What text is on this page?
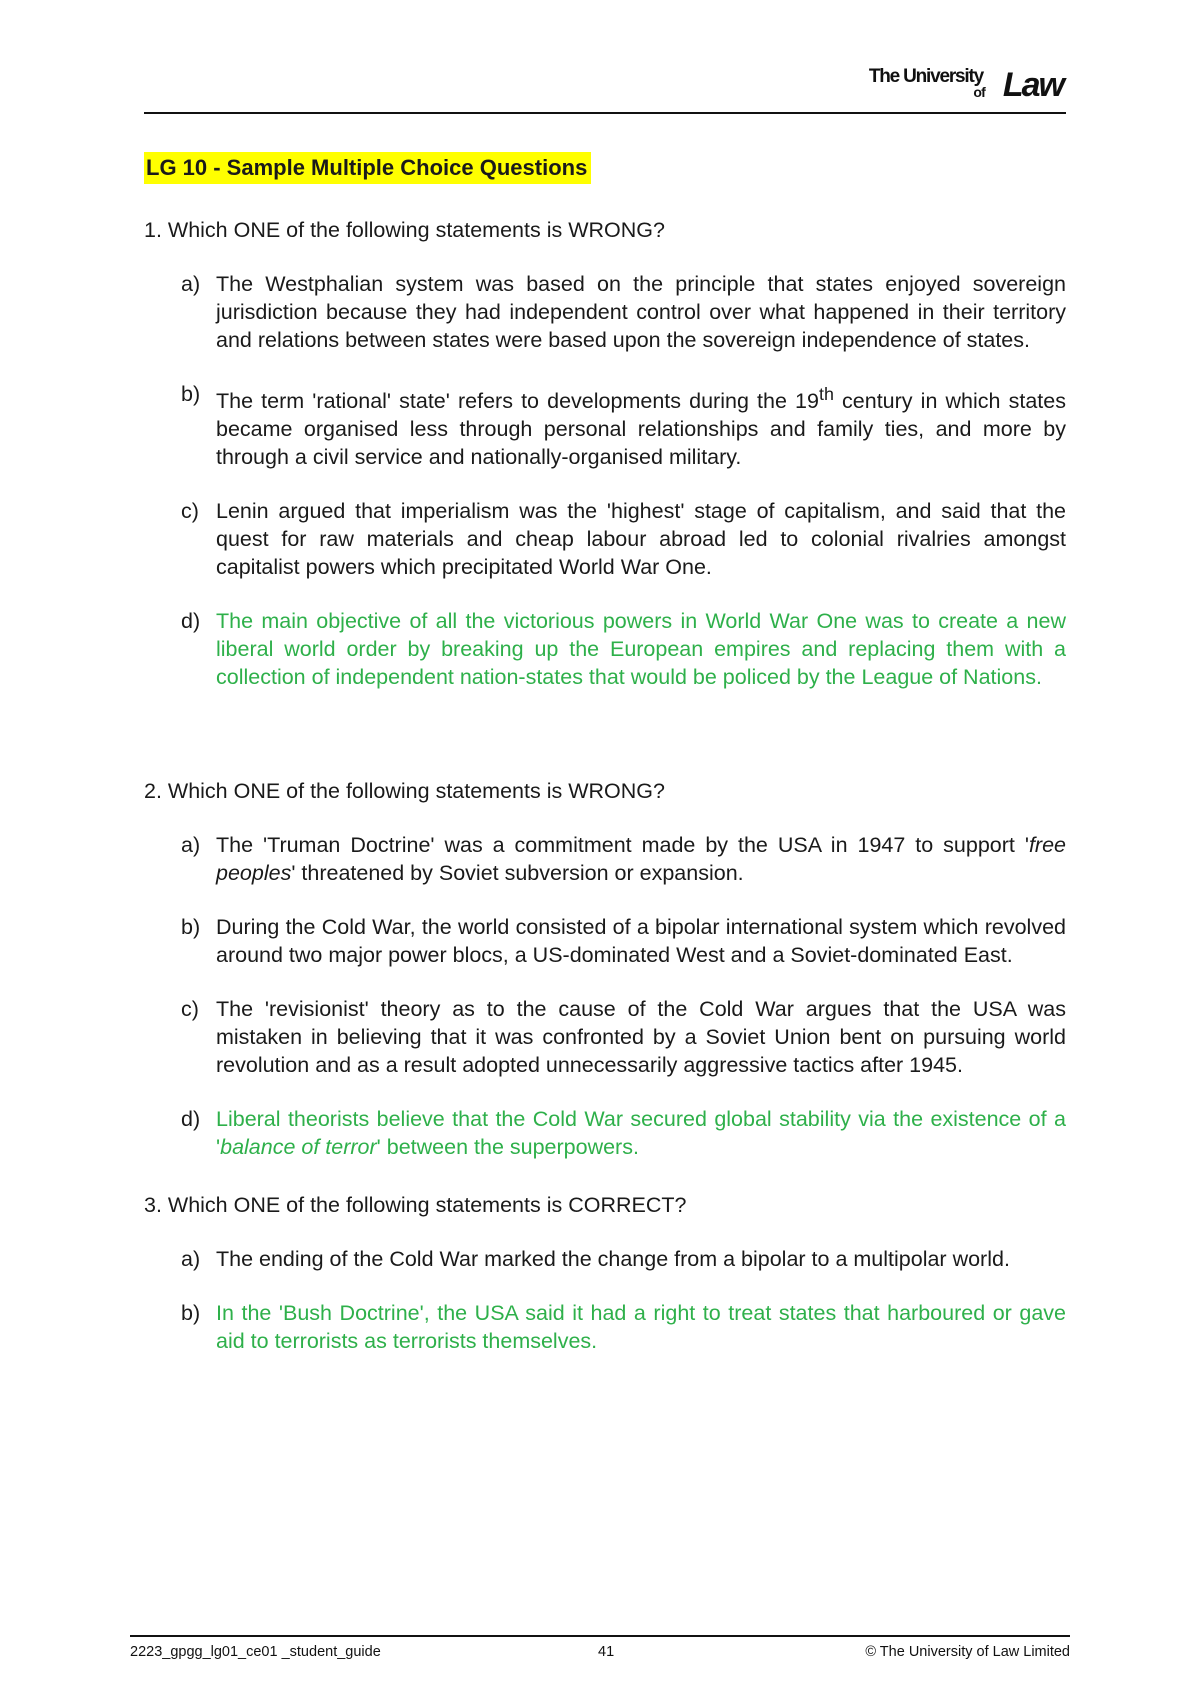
The University
of Law
LG 10 - Sample Multiple Choice Questions
1. Which ONE of the following statements is WRONG?
a) The Westphalian system was based on the principle that states enjoyed sovereign jurisdiction because they had independent control over what happened in their territory and relations between states were based upon the sovereign independence of states.
b) The term 'rational' state' refers to developments during the 19th century in which states became organised less through personal relationships and family ties, and more by through a civil service and nationally-organised military.
c) Lenin argued that imperialism was the 'highest' stage of capitalism, and said that the quest for raw materials and cheap labour abroad led to colonial rivalries amongst capitalist powers which precipitated World War One.
d) The main objective of all the victorious powers in World War One was to create a new liberal world order by breaking up the European empires and replacing them with a collection of independent nation-states that would be policed by the League of Nations.
2. Which ONE of the following statements is WRONG?
a) The 'Truman Doctrine' was a commitment made by the USA in 1947 to support 'free peoples' threatened by Soviet subversion or expansion.
b) During the Cold War, the world consisted of a bipolar international system which revolved around two major power blocs, a US-dominated West and a Soviet-dominated East.
c) The 'revisionist' theory as to the cause of the Cold War argues that the USA was mistaken in believing that it was confronted by a Soviet Union bent on pursuing world revolution and as a result adopted unnecessarily aggressive tactics after 1945.
d) Liberal theorists believe that the Cold War secured global stability via the existence of a 'balance of terror' between the superpowers.
3. Which ONE of the following statements is CORRECT?
a) The ending of the Cold War marked the change from a bipolar to a multipolar world.
b) In the 'Bush Doctrine', the USA said it had a right to treat states that harboured or gave aid to terrorists as terrorists themselves.
2223_gpgg_lg01_ce01 _student_guide	41	© The University of Law Limited
